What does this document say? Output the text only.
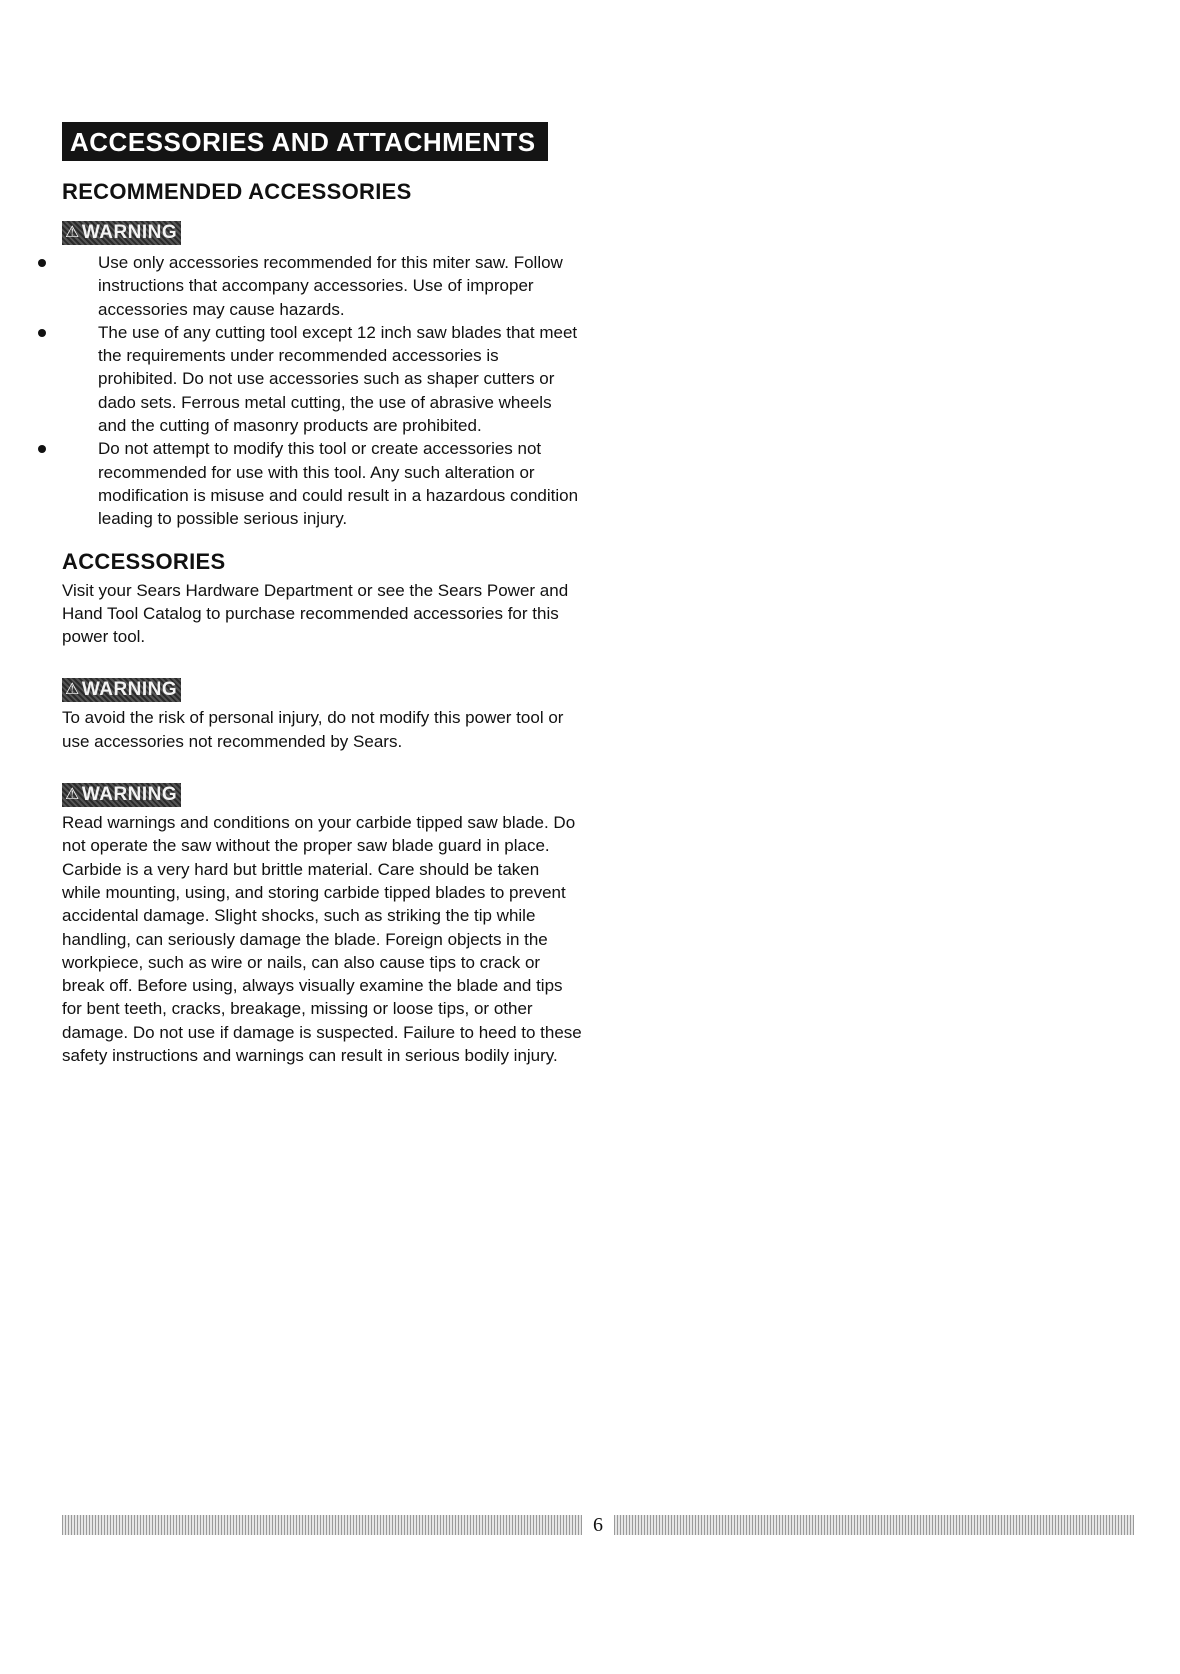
ACCESSORIES AND ATTACHMENTS
RECOMMENDED ACCESSORIES
⚠ WARNING
Use only accessories recommended for this miter saw. Follow instructions that accompany accessories. Use of improper accessories may cause hazards.
The use of any cutting tool except 12 inch saw blades that meet the requirements under recommended accessories is prohibited. Do not use accessories such as shaper cutters or dado sets. Ferrous metal cutting, the use of abrasive wheels and the cutting of masonry products are prohibited.
Do not attempt to modify this tool or create accessories not recommended for use with this tool. Any such alteration or modification is misuse and could result in a hazardous condition leading to possible serious injury.
ACCESSORIES

Visit your Sears Hardware Department or see the Sears Power and Hand Tool Catalog to purchase recommended accessories for this power tool.

⚠ WARNING

To avoid the risk of personal injury, do not modify this power tool or use accessories not recommended by Sears.

⚠ WARNING

Read warnings and conditions on your carbide tipped saw blade. Do not operate the saw without the proper saw blade guard in place. Carbide is a very hard but brittle material. Care should be taken while mounting, using, and storing carbide tipped blades to prevent accidental damage. Slight shocks, such as striking the tip while handling, can seriously damage the blade. Foreign objects in the workpiece, such as wire or nails, can also cause tips to crack or break off. Before using, always visually examine the blade and tips for bent teeth, cracks, breakage, missing or loose tips, or other damage. Do not use if damage is suspected. Failure to heed to these safety instructions and warnings can result in serious bodily injury.

6
